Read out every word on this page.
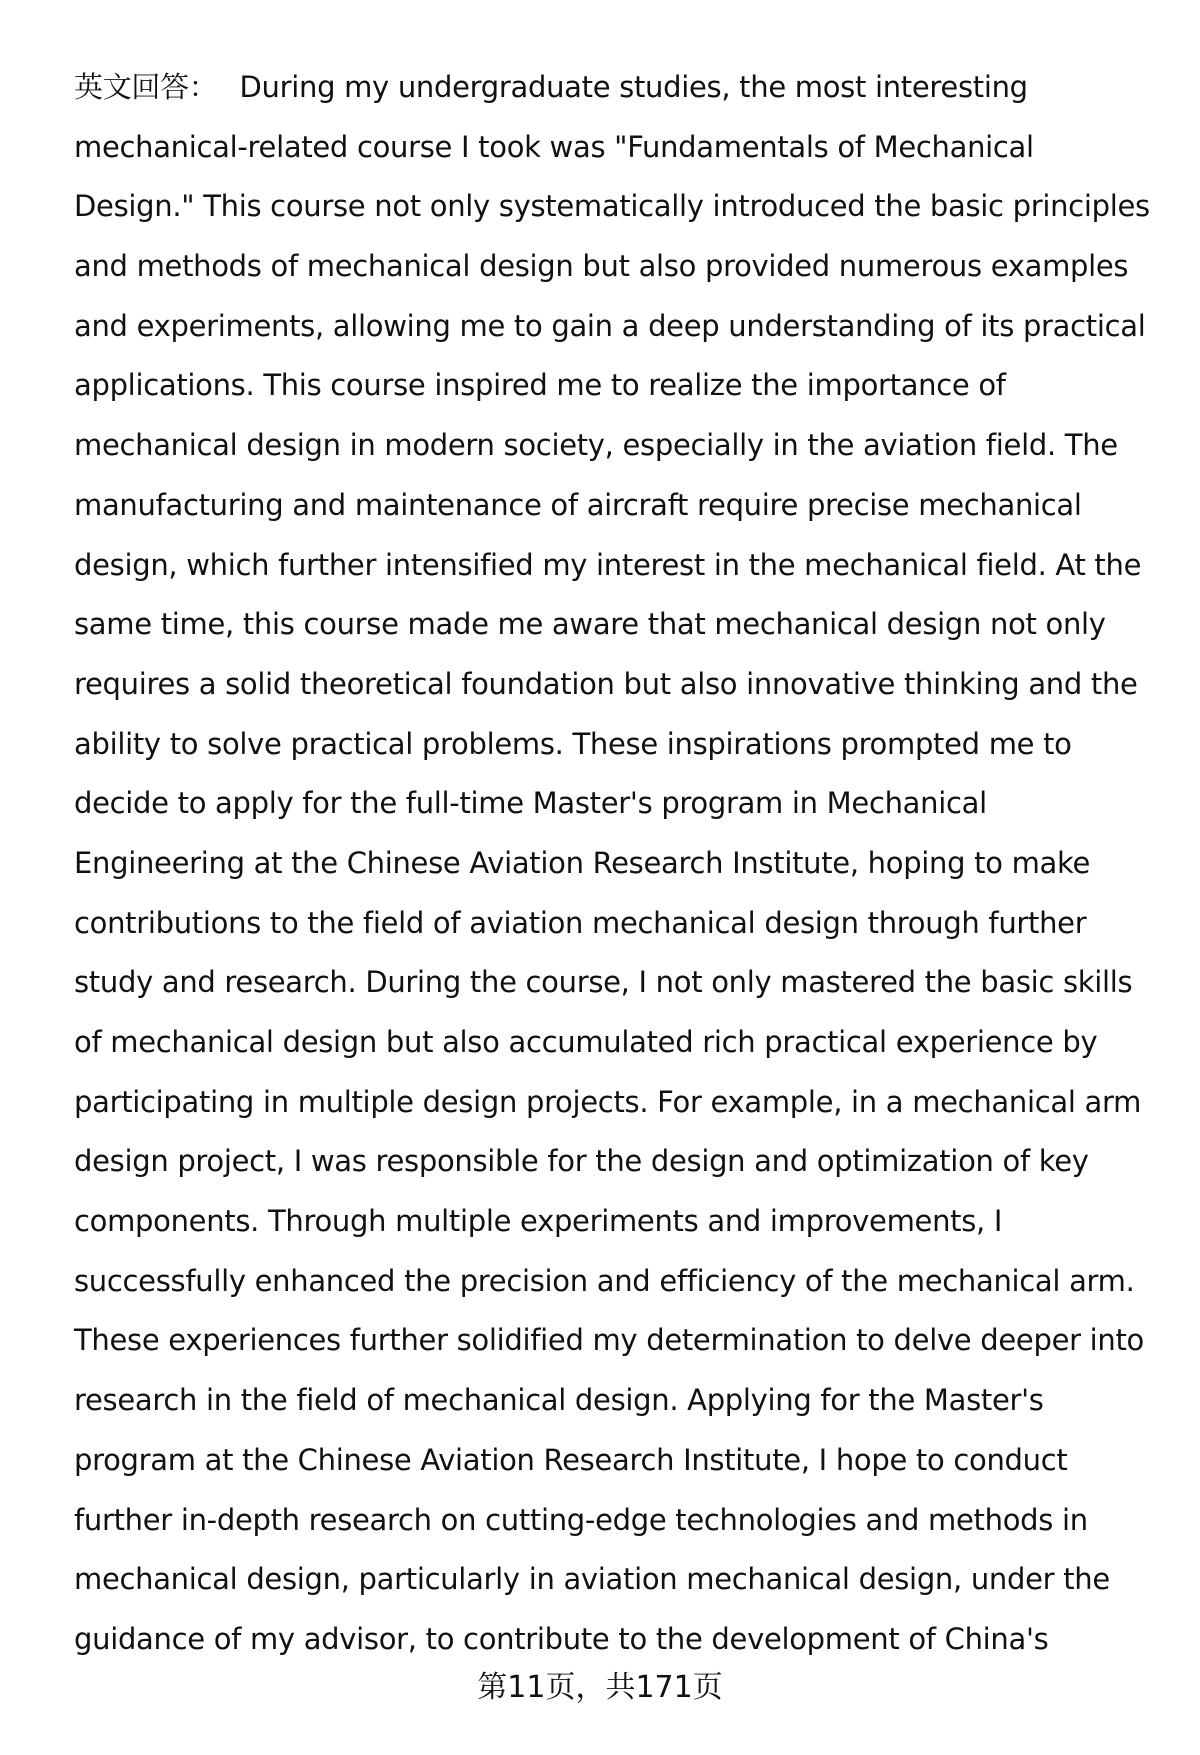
英文回答： During my undergraduate studies, the most interesting
mechanical-related course I took was "Fundamentals of Mechanical
Design." This course not only systematically introduced the basic principles
and methods of mechanical design but also provided numerous examples
and experiments, allowing me to gain a deep understanding of its practical
applications. This course inspired me to realize the importance of
mechanical design in modern society, especially in the aviation field. The
manufacturing and maintenance of aircraft require precise mechanical
design, which further intensified my interest in the mechanical field. At the
same time, this course made me aware that mechanical design not only
requires a solid theoretical foundation but also innovative thinking and the
ability to solve practical problems. These inspirations prompted me to
decide to apply for the full-time Master's program in Mechanical
Engineering at the Chinese Aviation Research Institute, hoping to make
contributions to the field of aviation mechanical design through further
study and research. During the course, I not only mastered the basic skills
of mechanical design but also accumulated rich practical experience by
participating in multiple design projects. For example, in a mechanical arm
design project, I was responsible for the design and optimization of key
components. Through multiple experiments and improvements, I
successfully enhanced the precision and efficiency of the mechanical arm.
These experiences further solidified my determination to delve deeper into
research in the field of mechanical design. Applying for the Master's
program at the Chinese Aviation Research Institute, I hope to conduct
further in-depth research on cutting-edge technologies and methods in
mechanical design, particularly in aviation mechanical design, under the
guidance of my advisor, to contribute to the development of China's
第11页，共171页
